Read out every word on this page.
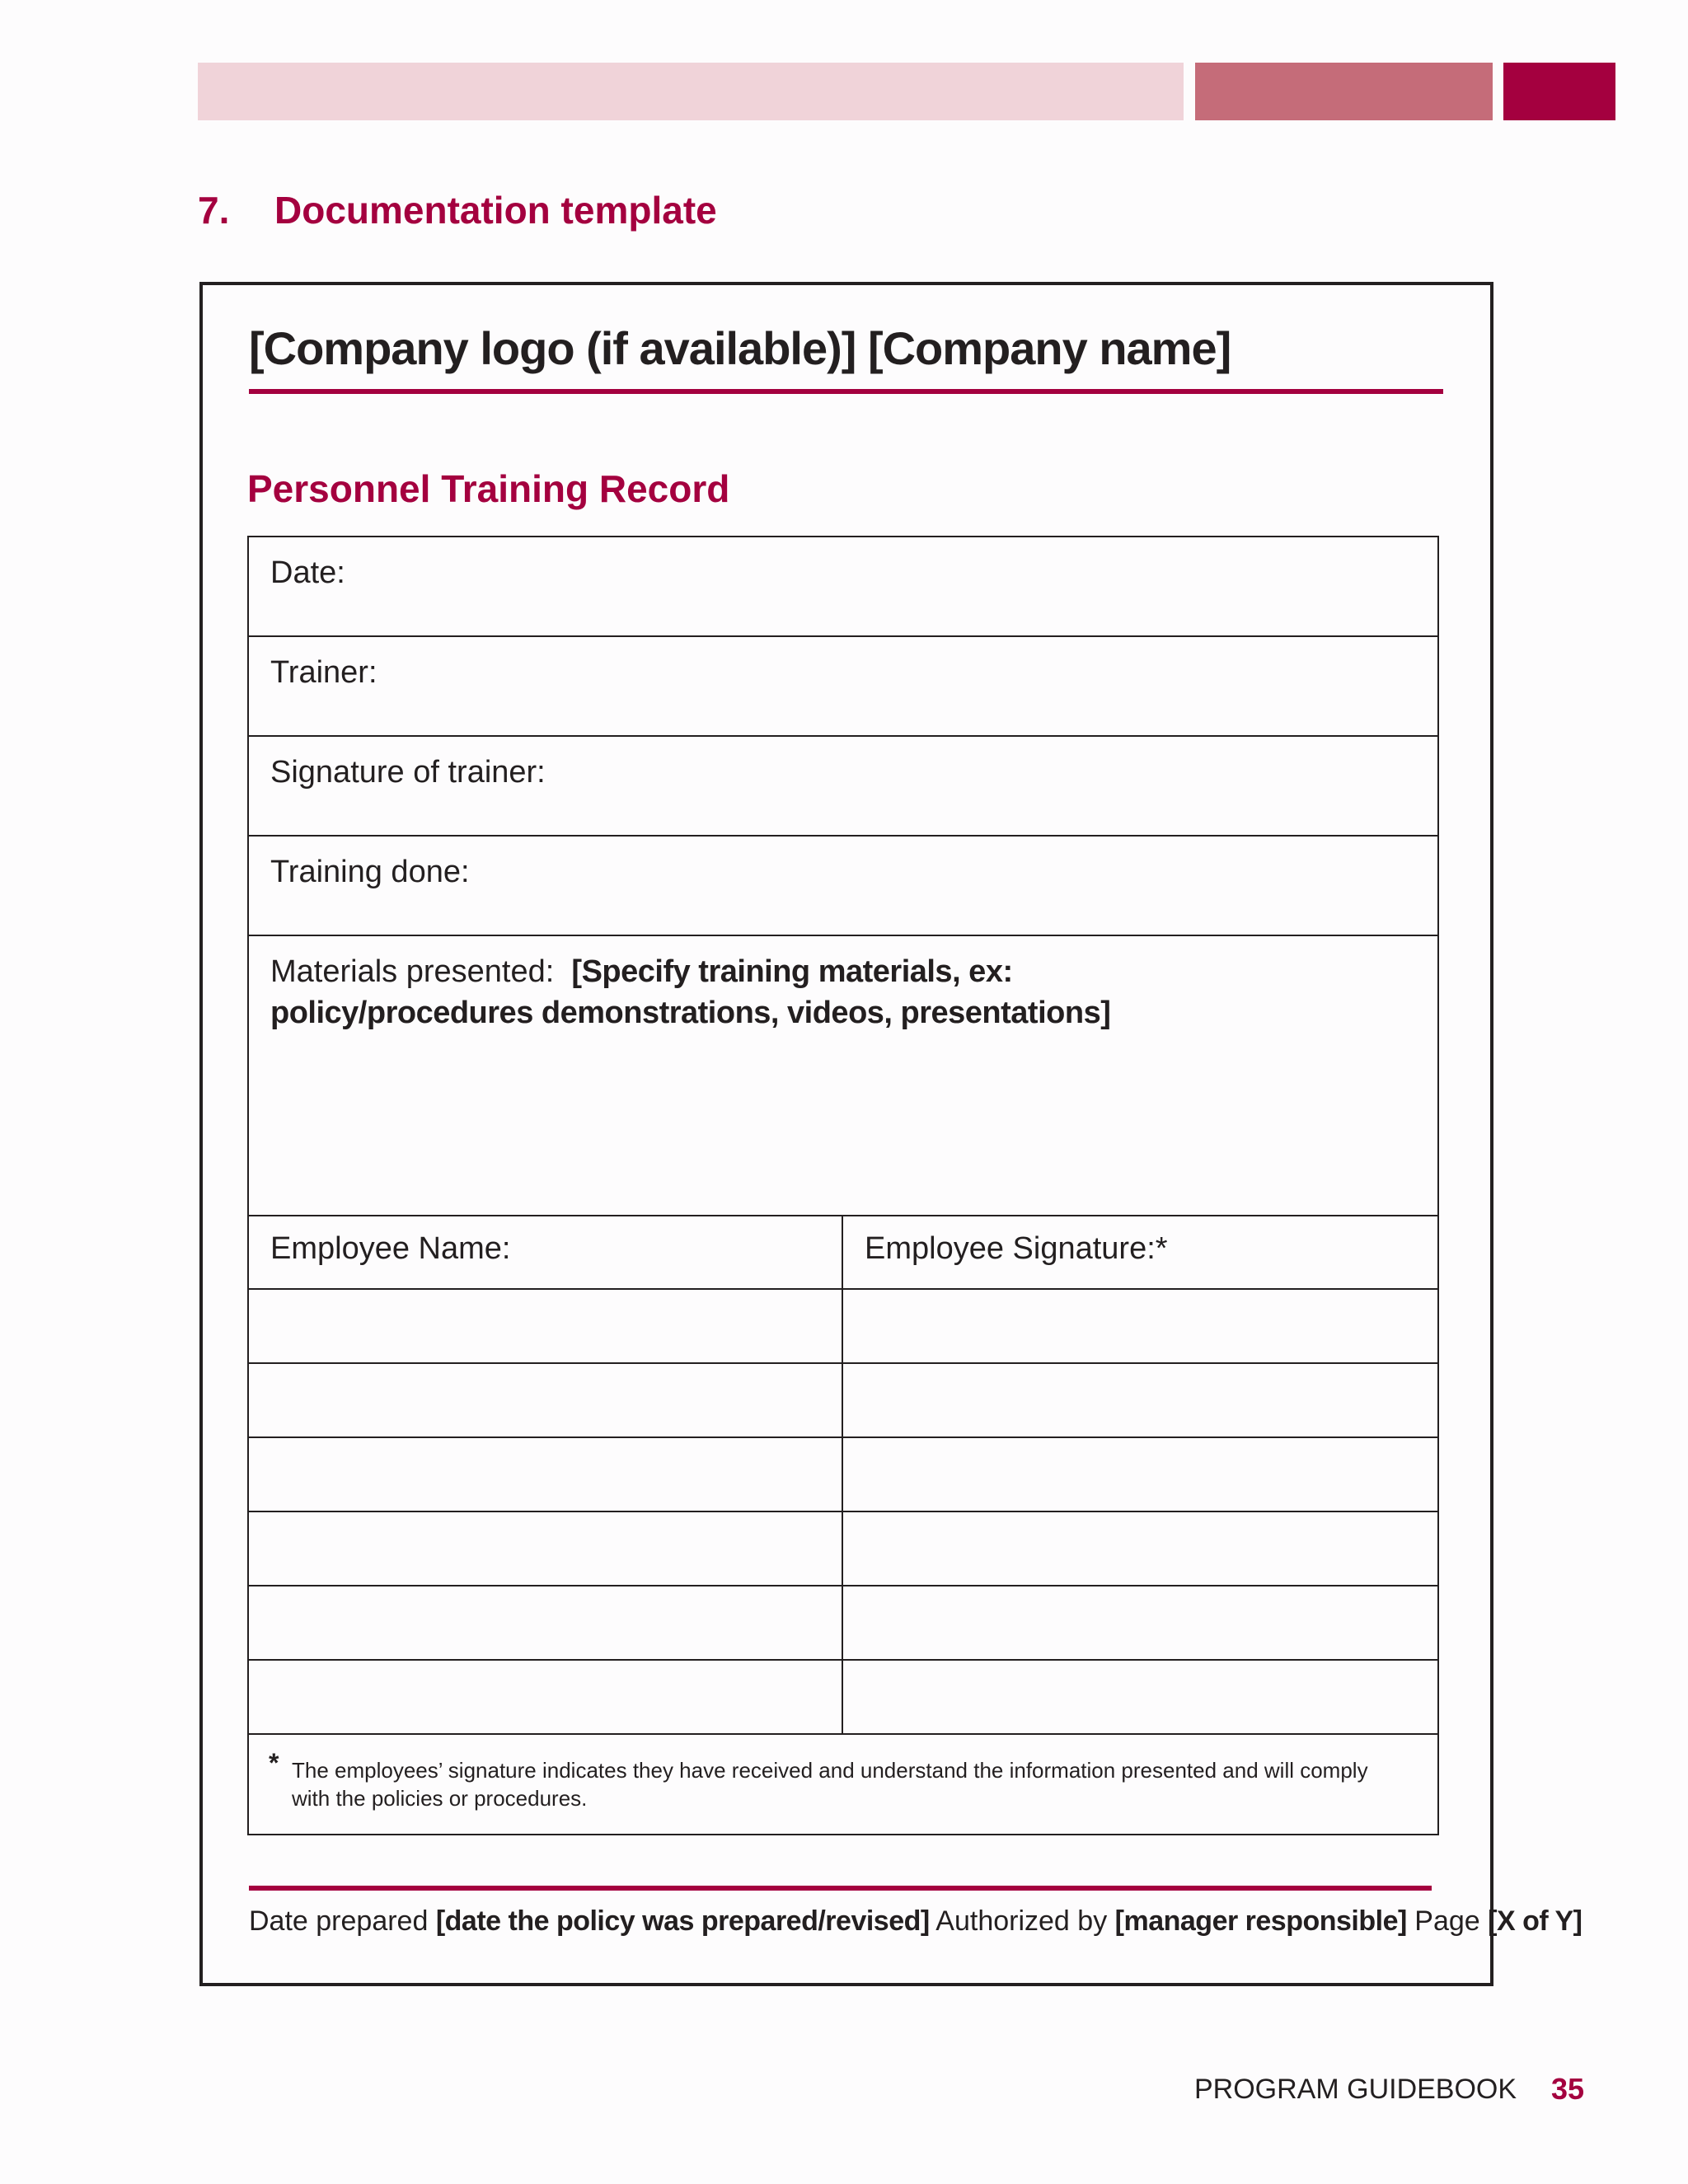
7. Documentation template
[Company logo (if available)] [Company name]
Personnel Training Record
Date:
Trainer:
Signature of trainer:
Training done:
Materials presented: [Specify training materials, ex: policy/procedures demonstrations, videos, presentations]
Employee Name:	Employee Signature:*
* The employees’ signature indicates they have received and understand the information presented and will comply with the policies or procedures.
Date prepared [date the policy was prepared/revised] Authorized by [manager responsible] Page [X of Y]
PROGRAM GUIDEBOOK 35
